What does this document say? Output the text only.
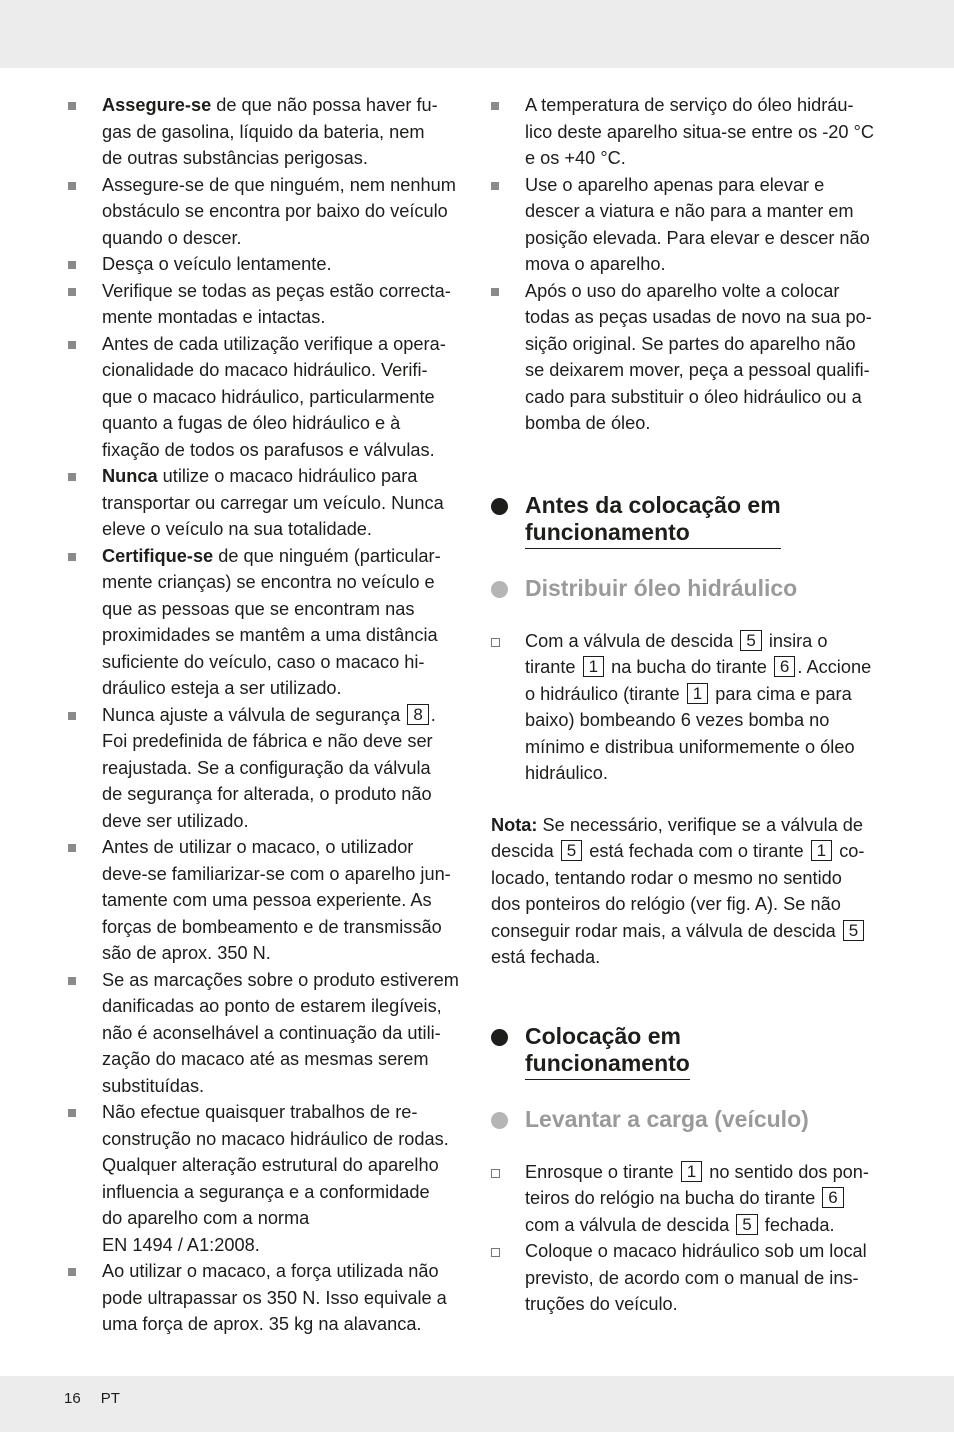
Assegure-se de que não possa haver fu-
gas de gasolina, líquido da bateria, nem
de outras substâncias perigosas.
Assegure-se de que ninguém, nem nenhum
obstáculo se encontra por baixo do veículo
quando o descer.
Desça o veículo lentamente.
Verifique se todas as peças estão correcta-
mente montadas e intactas.
Antes de cada utilização verifique a opera-
cionalidade do macaco hidráulico. Verifi-
que o macaco hidráulico, particularmente
quanto a fugas de óleo hidráulico e à
fixação de todos os parafusos e válvulas.
Nunca utilize o macaco hidráulico para
transportar ou carregar um veículo. Nunca
eleve o veículo na sua totalidade.
Certifique-se de que ninguém (particular-
mente crianças) se encontra no veículo e
que as pessoas que se encontram nas
proximidades se mantêm a uma distância
suficiente do veículo, caso o macaco hi-
dráulico esteja a ser utilizado.
Nunca ajuste a válvula de segurança 8 .
Foi predefinida de fábrica e não deve ser
reajustada. Se a configuração da válvula
de segurança for alterada, o produto não
deve ser utilizado.
Antes de utilizar o macaco, o utilizador
deve-se familiarizar-se com o aparelho jun-
tamente com uma pessoa experiente. As
forças de bombeamento e de transmissão
são de aprox. 350 N.
Se as marcações sobre o produto estiverem
danificadas ao ponto de estarem ilegíveis,
não é aconselhável a continuação da utili-
zação do macaco até as mesmas serem
substituídas.
Não efectue quaisquer trabalhos de re-
construção no macaco hidráulico de rodas.
Qualquer alteração estrutural do aparelho
influencia a segurança e a conformidade
do aparelho com a norma
EN 1494 / A1:2008.
Ao utilizar o macaco, a força utilizada não
pode ultrapassar os 350 N. Isso equivale a
uma força de aprox. 35 kg na alavanca.
A temperatura de serviço do óleo hidráu-
lico deste aparelho situa-se entre os -20 °C
e os +40 °C.
Use o aparelho apenas para elevar e
descer a viatura e não para a manter em
posição elevada. Para elevar e descer não
mova o aparelho.
Após o uso do aparelho volte a colocar
todas as peças usadas de novo na sua po-
sição original. Se partes do aparelho não
se deixarem mover, peça a pessoal qualifi-
cado para substituir o óleo hidráulico ou a
bomba de óleo.
Antes da colocação em
funcionamento
Distribuir óleo hidráulico
Com a válvula de descida 5 insira o
tirante 1 na bucha do tirante 6 . Accione
o hidráulico (tirante 1 para cima e para
baixo) bombeando 6 vezes bomba no
mínimo e distribua uniformemente o óleo
hidráulico.
Nota: Se necessário, verifique se a válvula de
descida 5 está fechada com o tirante 1 co-
locado, tentando rodar o mesmo no sentido
dos ponteiros do relógio (ver fig. A). Se não
conseguir rodar mais, a válvula de descida 5
está fechada.
Colocação em
funcionamento
Levantar a carga (veículo)
Enrosque o tirante 1 no sentido dos pon-
teiros do relógio na bucha do tirante 6
com a válvula de descida 5 fechada.
Coloque o macaco hidráulico sob um local
previsto, de acordo com o manual de ins-
truções do veículo.
16 PT
